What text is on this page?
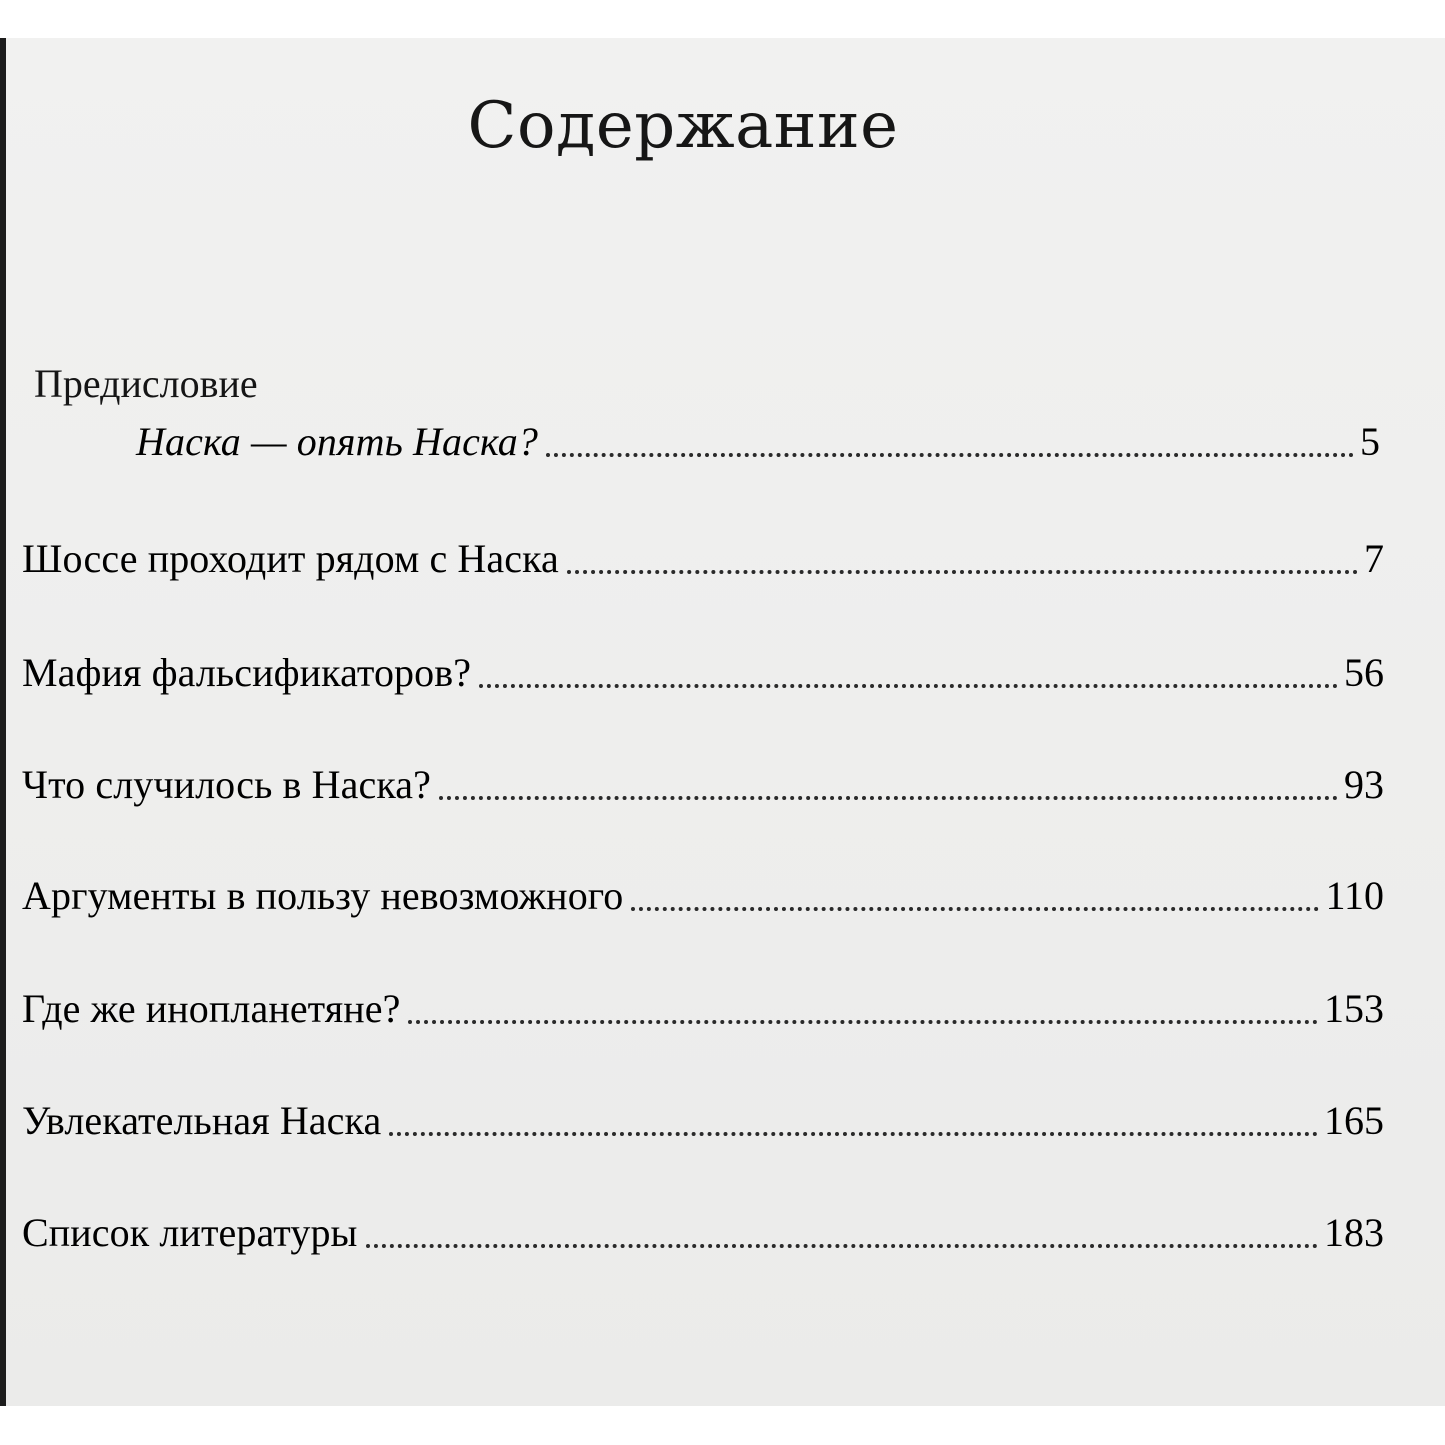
Содержание
Предисловие
Наска — опять Наска?	5
Шоссе проходит рядом с Наска	7
Мафия фальсификаторов?	56
Что случилось в Наска?	93
Аргументы в пользу невозможного	110
Где же инопланетяне?	153
Увлекательная Наска	165
Список литературы	183
